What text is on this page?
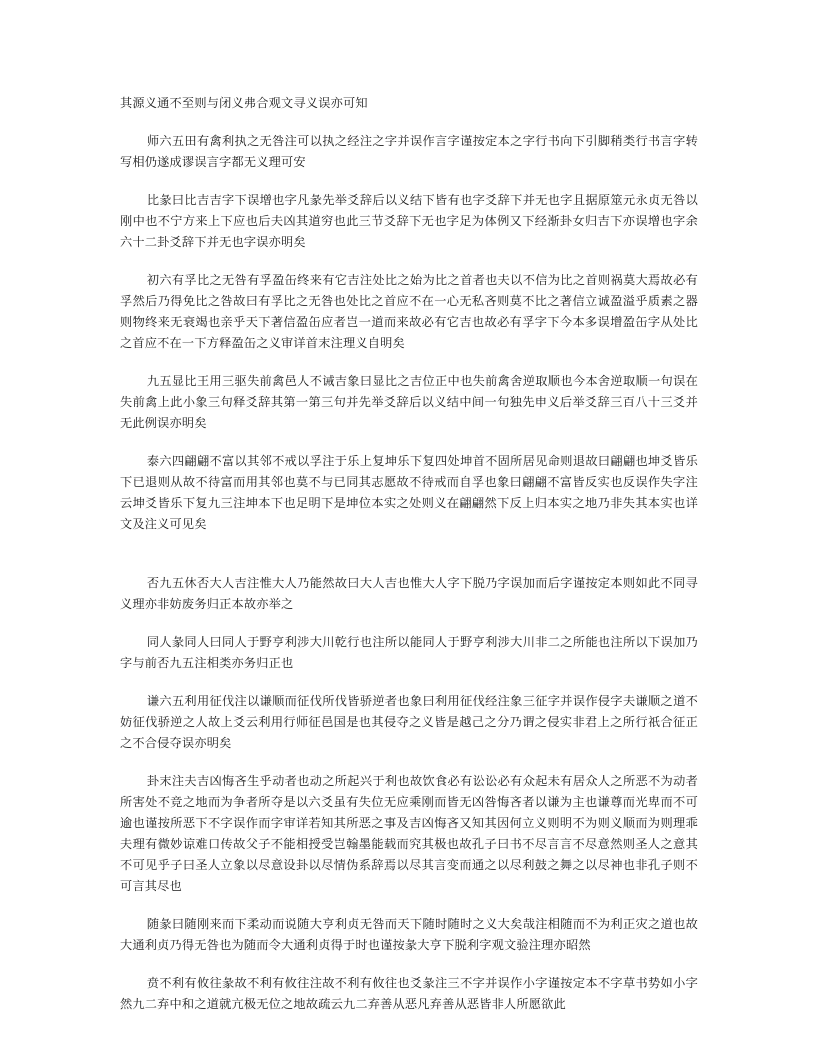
其源义通不至则与闭义弗合观文寻义误亦可知

师六五田有禽利执之无咎注可以执之经注之字并误作言字谨按定本之字行书向下引脚稍类行书言字转写相仍遂成谬误言字都无义理可安

比彖曰比吉吉字下误增也字凡彖先举爻辞后以义结下皆有也字爻辞下并无也字且据原筮元永贞无咎以刚中也不宁方来上下应也后夫凶其道穷也此三节爻辞下无也字足为体例又下经渐卦女归吉下亦误增也字余六十二卦爻辞下并无也字误亦明矣

初六有孚比之无咎有孚盈缶终来有它吉注处比之始为比之首者也夫以不信为比之首则祸莫大焉故必有孚然后乃得免比之咎故曰有孚比之无咎也处比之首应不在一心无私吝则莫不比之著信立诚盈溢乎质素之器则物终来无衰竭也亲乎天下著信盈缶应者岂一道而来故必有它吉也故必有孚字下今本多误增盈缶字从处比之首应不在一下方释盈缶之义审详首末注理义自明矣

九五显比王用三驱失前禽邑人不诫吉象曰显比之吉位正中也失前禽舍逆取顺也今本舍逆取顺一句误在失前禽上此小象三句释爻辞其第一第三句并先举爻辞后以义结中间一句独先申义后举爻辞三百八十三爻并无此例误亦明矣

泰六四翩翩不富以其邻不戒以孚注于乐上复坤乐下复四处坤首不固所居见命则退故曰翩翩也坤爻皆乐下已退则从故不待富而用其邻也莫不与已同其志愿故不待戒而自孚也象曰翩翩不富皆反实也反误作失字注云坤爻皆乐下复九三注坤本下也足明下是坤位本实之处则义在翩翩然下反上归本实之地乃非失其本实也详文及注义可见矣

否九五休否大人吉注惟大人乃能然故曰大人吉也惟大人字下脱乃字误加而后字谨按定本则如此不同寻义理亦非妨废务归正本故亦举之

同人彖同人曰同人于野亨利涉大川乾行也注所以能同人于野亨利涉大川非二之所能也注所以下误加乃字与前否九五注相类亦务归正也

谦六五利用征伐注以谦顺而征伐所伐皆骄逆者也象曰利用征伐经注象三征字并误作侵字夫谦顺之道不妨征伐骄逆之人故上爻云利用行师征邑国是也其侵夺之义皆是越己之分乃谓之侵实非君上之所行祇合征正之不合侵夺误亦明矣

卦末注夫吉凶悔吝生乎动者也动之所起兴于利也故饮食必有讼讼必有众起未有居众人之所恶不为动者所害处不竞之地而为争者所夺是以六爻虽有失位无应乘刚而皆无凶咎悔吝者以谦为主也谦尊而光卑而不可逾也谨按所恶下不字误作而字审详若知其所恶之事及吉凶悔吝又知其因何立义则明不为则义顺而为则理乖夫理有微妙谅难口传故父子不能相授受岂翰墨能载而究其极也故孔子曰书不尽言言不尽意然则圣人之意其不可见乎子曰圣人立象以尽意设卦以尽情伪系辞焉以尽其言变而通之以尽利鼓之舞之以尽神也非孔子则不可言其尽也

随彖曰随刚来而下柔动而说随大亨利贞无咎而天下随时随时之义大矣哉注相随而不为利正灾之道也故大通利贞乃得无咎也为随而令大通利贞得于时也谨按彖大亨下脱利字观文验注理亦昭然

贲不利有攸往彖故不利有攸往注故不利有攸往也爻彖注三不字并误作小字谨按定本不字草书势如小字然九二弃中和之道就亢极无位之地故疏云九二弃善从恶凡弃善从恶皆非人所愿欲此
